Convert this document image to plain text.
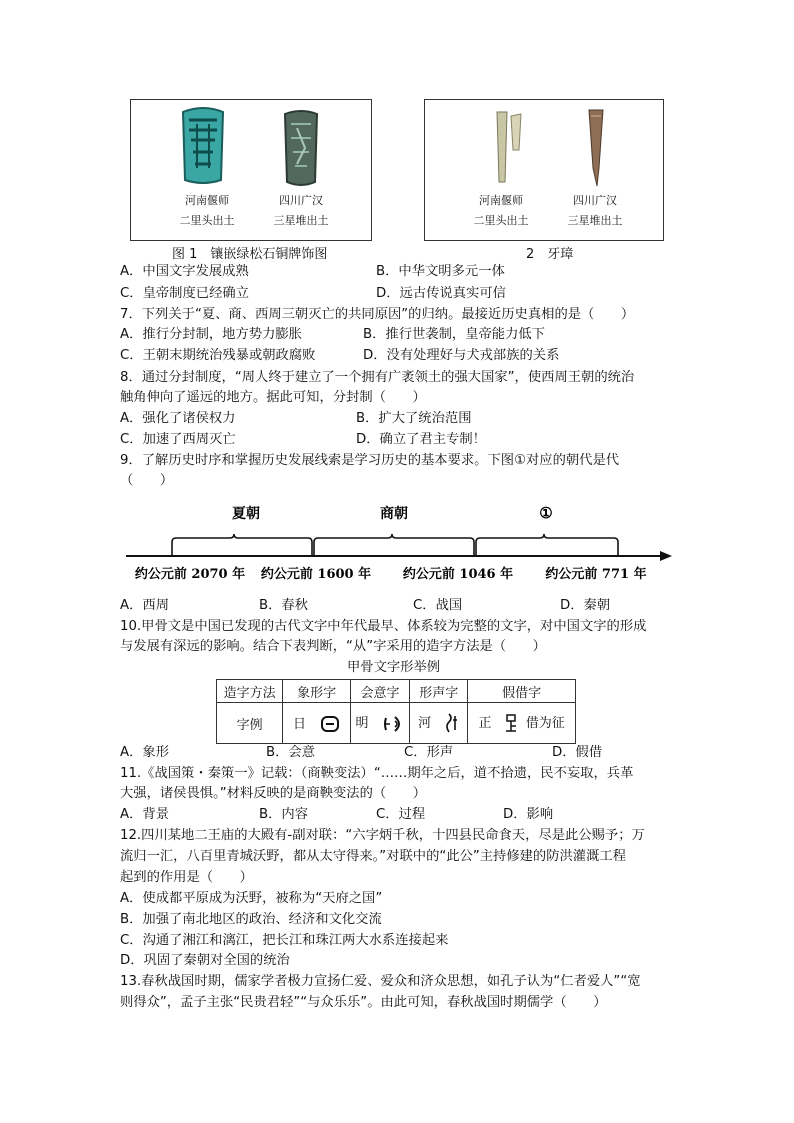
河南偃师
二里头出土
四川广汉
三星堆出土
图 1　镶嵌绿松石铜牌饰图
河南偃师
二里头出土
四川广汉
三星堆出土
2　牙璋
A．中国文字发展成熟	B．中华文明多元一体
C．皇帝制度已经确立	D．远古传说真实可信
7．下列关于“夏、商、西周三朝灭亡的共同原因”的归纳。最接近历史真相的是（　　）
A．推行分封制，地方势力膨胀	B．推行世袭制，皇帝能力低下
C．王朝末期统治残暴或朝政腐败	D．没有处理好与犬戎部族的关系
8．通过分封制度，“周人终于建立了一个拥有广袤领土的强大国家”，使西周王朝的统治
触角伸向了遥远的地方。据此可知，分封制（　　）
A．强化了诸侯权力	B．扩大了统治范围
C．加速了西周灭亡	D．确立了君主专制！
9．了解历史时序和掌握历史发展线索是学习历史的基本要求。下图①对应的朝代是代
（　　）
夏朝	商朝	①
约公元前 2070 年 约公元前 1600 年 约公元前 1046 年 约公元前 771 年
A．西周	B．春秋	C．战国	D．秦朝
10.甲骨文是中国已发现的古代文字中年代最早、体系较为完整的文字，对中国文字的形成
与发展有深远的影响。结合下表判断，“从”字采用的造字方法是（　　）
甲骨文字形举例
造字方法	象形字	会意字	形声字	假借字
字例	日	明	河	正 借为征
A．象形	B．会意	C．形声	D．假借
11.《战国策・秦策一》记载：（商鞅变法）“……期年之后，道不拾遗，民不妄取，兵革
大强，诸侯畏惧。”材料反映的是商鞅变法的（　　）
A．背景	B．内容	C．过程	D．影响
12.四川某地二王庙的大殿有-副对联：“六字炳千秋，十四县民命食天，尽是此公赐予；万
流归一汇，八百里青城沃野，都从太守得来。”对联中的“此公”主持修建的防洪灌溉工程
起到的作用是（　　）
A．使成都平原成为沃野，被称为“天府之国”
B．加强了南北地区的政治、经济和文化交流
C．沟通了湘江和漓江，把长江和珠江两大水系连接起来
D．巩固了秦朝对全国的统治
13.春秋战国时期，儒家学者极力宣扬仁爱、爱众和济众思想，如孔子认为“仁者爱人”“宽
则得众”，孟子主张“民贵君轻”“与众乐乐”。由此可知，春秋战国时期儒学（　　）
